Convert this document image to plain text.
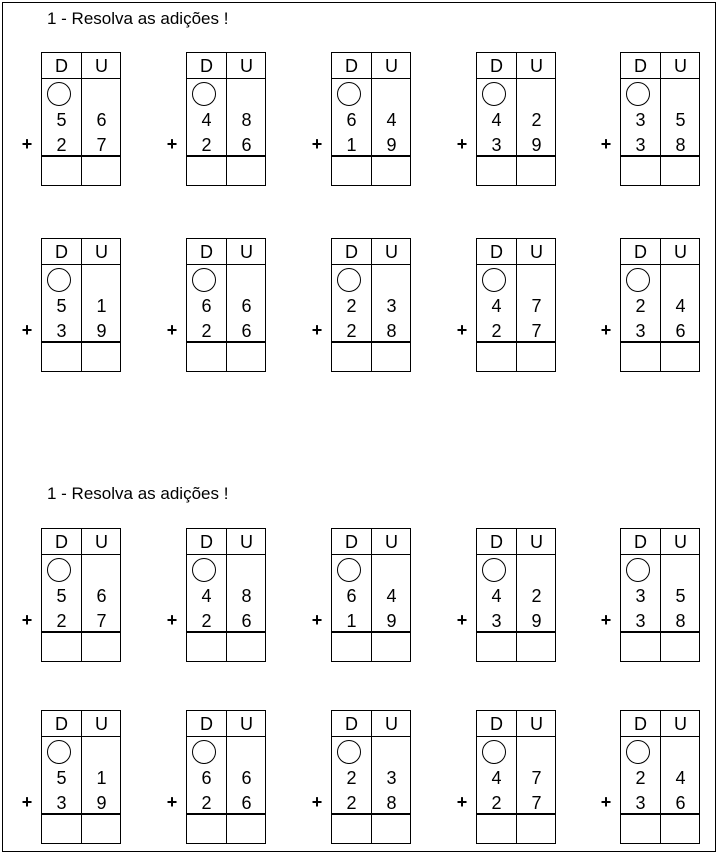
1 - Resolva as adições !
1 - Resolva as adições !
+
D	U
5	6
2	7	+
D	U
4	8
2	6	+
D	U
6	4
1	9	+
D	U
4	2
3	9	+
D	U
3	5
3	8
+
D	U
5	1
3	9	+
D	U
6	6
2	6	+
D	U
2	3
2	8	+
D	U
4	7
2	7	+
D	U
2	4
3	6
+
D	U
5	6
2	7	+
D	U
4	8
2	6	+
D	U
6	4
1	9	+
D	U
4	2
3	9	+
D	U
3	5
3	8
+
D	U
5	1
3	9	+
D	U
6	6
2	6	+
D	U
2	3
2	8	+
D	U
4	7
2	7	+
D	U
2	4
3	6
